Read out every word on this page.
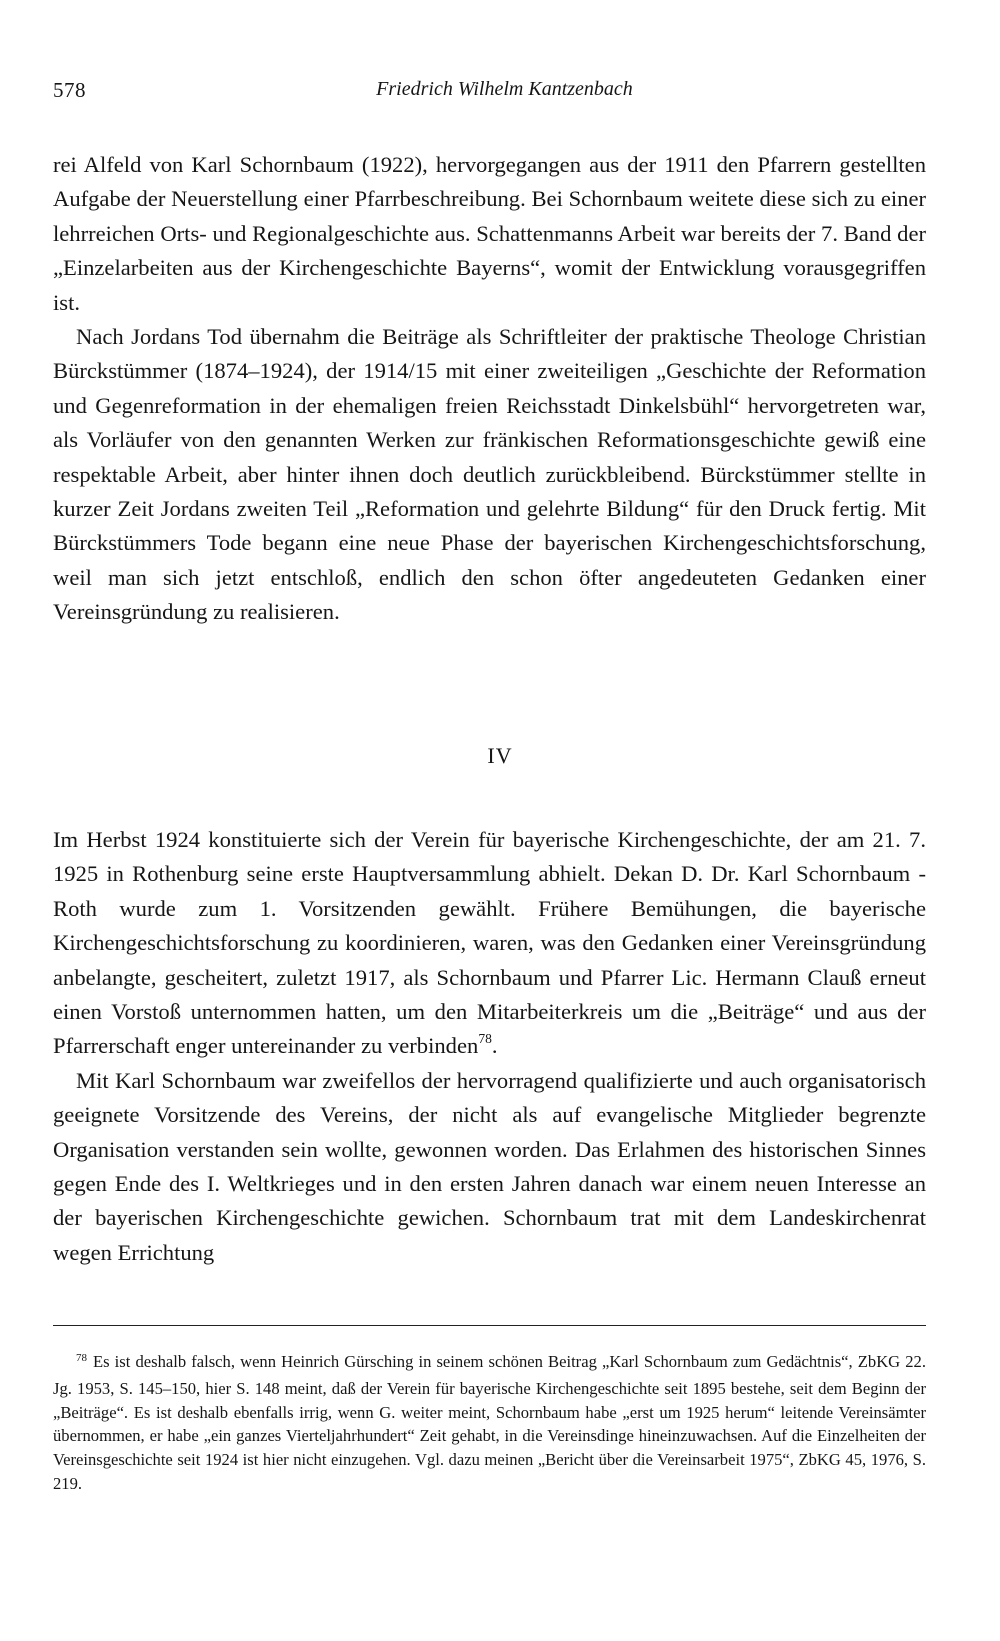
578	Friedrich Wilhelm Kantzenbach

rei Alfeld von Karl Schornbaum (1922), hervorgegangen aus der 1911 den Pfarrern gestellten Aufgabe der Neuerstellung einer Pfarrbeschreibung. Bei Schornbaum weitete diese sich zu einer lehrreichen Orts- und Regionalgeschichte aus. Schattenmanns Arbeit war bereits der 7. Band der „Einzelarbeiten aus der Kirchengeschichte Bayerns“, womit der Entwicklung vorausgegriffen ist.

Nach Jordans Tod übernahm die Beiträge als Schriftleiter der praktische Theologe Christian Bürckstümmer (1874–1924), der 1914/15 mit einer zweiteiligen „Geschichte der Reformation und Gegenreformation in der ehemaligen freien Reichsstadt Dinkelsbühl“ hervorgetreten war, als Vorläufer von den genannten Werken zur fränkischen Reformationsgeschichte gewiß eine respektable Arbeit, aber hinter ihnen doch deutlich zurückbleibend. Bürckstümmer stellte in kurzer Zeit Jordans zweiten Teil „Reformation und gelehrte Bildung“ für den Druck fertig. Mit Bürckstümmers Tode begann eine neue Phase der bayerischen Kirchengeschichtsforschung, weil man sich jetzt entschloß, endlich den schon öfter angedeuteten Gedanken einer Vereinsgründung zu realisieren.

IV

Im Herbst 1924 konstituierte sich der Verein für bayerische Kirchengeschichte, der am 21. 7. 1925 in Rothenburg seine erste Hauptversammlung abhielt. Dekan D. Dr. Karl Schornbaum - Roth wurde zum 1. Vorsitzenden gewählt. Frühere Bemühungen, die bayerische Kirchengeschichtsforschung zu koordinieren, waren, was den Gedanken einer Vereinsgründung anbelangte, gescheitert, zuletzt 1917, als Schornbaum und Pfarrer Lic. Hermann Clauß erneut einen Vorstoß unternommen hatten, um den Mitarbeiterkreis um die „Beiträge“ und aus der Pfarrerschaft enger untereinander zu verbinden$^{78}$.

Mit Karl Schornbaum war zweifellos der hervorragend qualifizierte und auch organisatorisch geeignete Vorsitzende des Vereins, der nicht als auf evangelische Mitglieder begrenzte Organisation verstanden sein wollte, gewonnen worden. Das Erlahmen des historischen Sinnes gegen Ende des I. Weltkrieges und in den ersten Jahren danach war einem neuen Interesse an der bayerischen Kirchengeschichte gewichen. Schornbaum trat mit dem Landeskirchenrat wegen Errichtung

$^{78}$ Es ist deshalb falsch, wenn Heinrich Gürsching in seinem schönen Beitrag „Karl Schornbaum zum Gedächtnis“, ZbKG 22. Jg. 1953, S. 145–150, hier S. 148 meint, daß der Verein für bayerische Kirchengeschichte seit 1895 bestehe, seit dem Beginn der „Beiträge“. Es ist deshalb ebenfalls irrig, wenn G. weiter meint, Schornbaum habe „erst um 1925 herum“ leitende Vereinsämter übernommen, er habe „ein ganzes Vierteljahrhundert“ Zeit gehabt, in die Vereinsdinge hineinzuwachsen. Auf die Einzelheiten der Vereinsgeschichte seit 1924 ist hier nicht einzugehen. Vgl. dazu meinen „Bericht über die Vereinsarbeit 1975“, ZbKG 45, 1976, S. 219.
